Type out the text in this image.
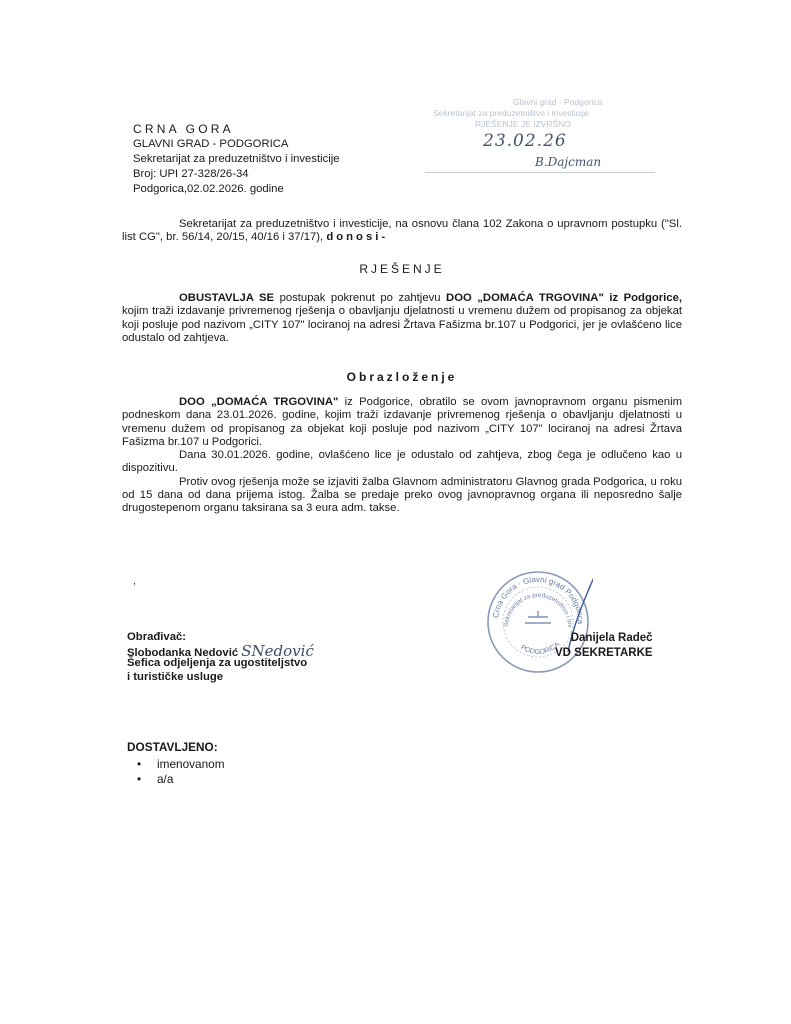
CRNA GORA
GLAVNI GRAD - PODGORICA
Sekretarijat za preduzetništvo i investicije
Broj: UPI 27-328/26-34
Podgorica,02.02.2026. godine
Glavni grad - Podgorica
Sekretarijat za preduzetništvo i investicije
RJEŠENJE JE IZVRŠNO
23.02.26
B.Dajcman
Sekretarijat za preduzetništvo i investicije, na osnovu člana 102 Zakona o upravnom postupku ("Sl. list CG", br. 56/14, 20/15, 40/16 i 37/17), donosi-
RJEŠENJE
OBUSTAVLJA SE postupak pokrenut po zahtjevu DOO „DOMAĆA TRGOVINA" iz Podgorice, kojim traži izdavanje privremenog rješenja o obavljanju djelatnosti u vremenu dužem od propisanog za objekat koji posluje pod nazivom „CITY 107" lociranoj na adresi Žrtava Fašizma br.107 u Podgorici, jer je ovlašćeno lice odustalo od zahtjeva.
Obrazloženje
DOO „DOMAĆA TRGOVINA" iz Podgorice, obratilo se ovom javnopravnom organu pismenim podneskom dana 23.01.2026. godine, kojim traži izdavanje privremenog rješenja o obavljanju djelatnosti u vremenu dužem od propisanog za objekat koji posluje pod nazivom „CITY 107" lociranoj na adresi Žrtava Fašizma br.107 u Podgorici.
Dana 30.01.2026. godine, ovlašćeno lice je odustalo od zahtjeva, zbog čega je odlučeno kao u dispozitivu.
Protiv ovog rješenja može se izjaviti žalba Glavnom administratoru Glavnog grada Podgorica, u roku od 15 dana od dana prijema istog. Žalba se predaje preko ovog javnopravnog organa ili neposredno šalje drugostepenom organu taksirana sa 3 eura adm. takse.
,
Obrađivač:
Slobodanka Nedović SNedović
Šefica odjeljenja za ugostiteljstvo
i turističke usluge
Crna Gora · Glavni grad Podgorica
Sekretarijat za preduzetništvo i inv
PODGORICA
Danijela Radeč
VD SEKRETARKE
DOSTAVLJENO:
• imenovanom
• a/a
